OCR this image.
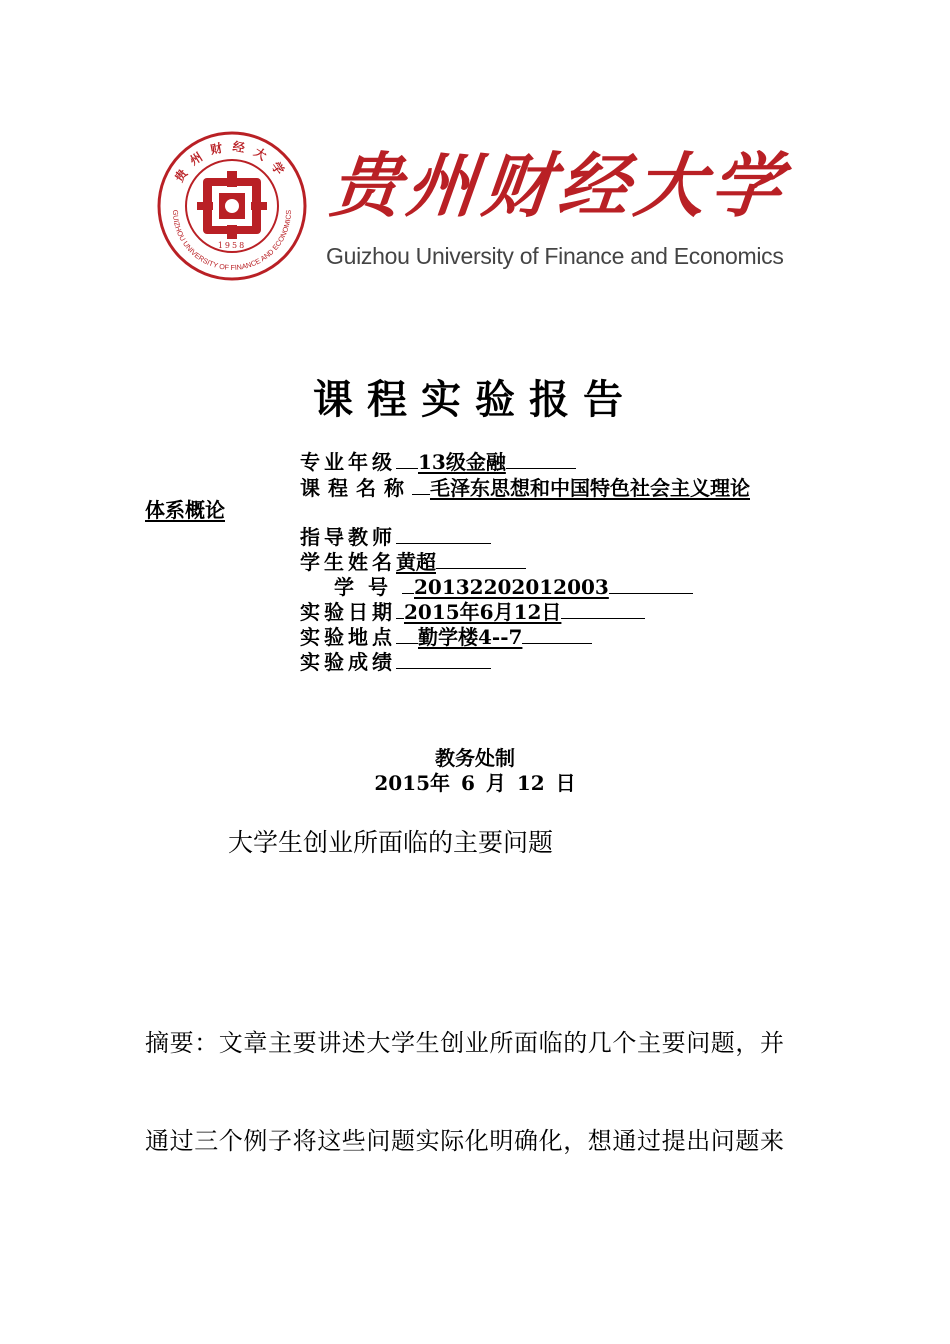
贵州财经大学
GUIZHOU UNIVERSITY OF FINANCE AND ECONOMICS
1958
贵州财经大学
Guizhou University of Finance and Economics
课程实验报告
专业年级 13级金融
课程名称 毛泽东思想和中国特色社会主义理论
体系概论
指导教师
学生姓名黄超
学号 20132202012003
实验日期 2015年6月12日
实验地点 勤学楼4--7
实验成绩
教务处制
2015年 6 月 12 日
大学生创业所面临的主要问题
摘要：文章主要讲述大学生创业所面临的几个主要问题，并
通过三个例子将这些问题实际化明确化，想通过提出问题来
